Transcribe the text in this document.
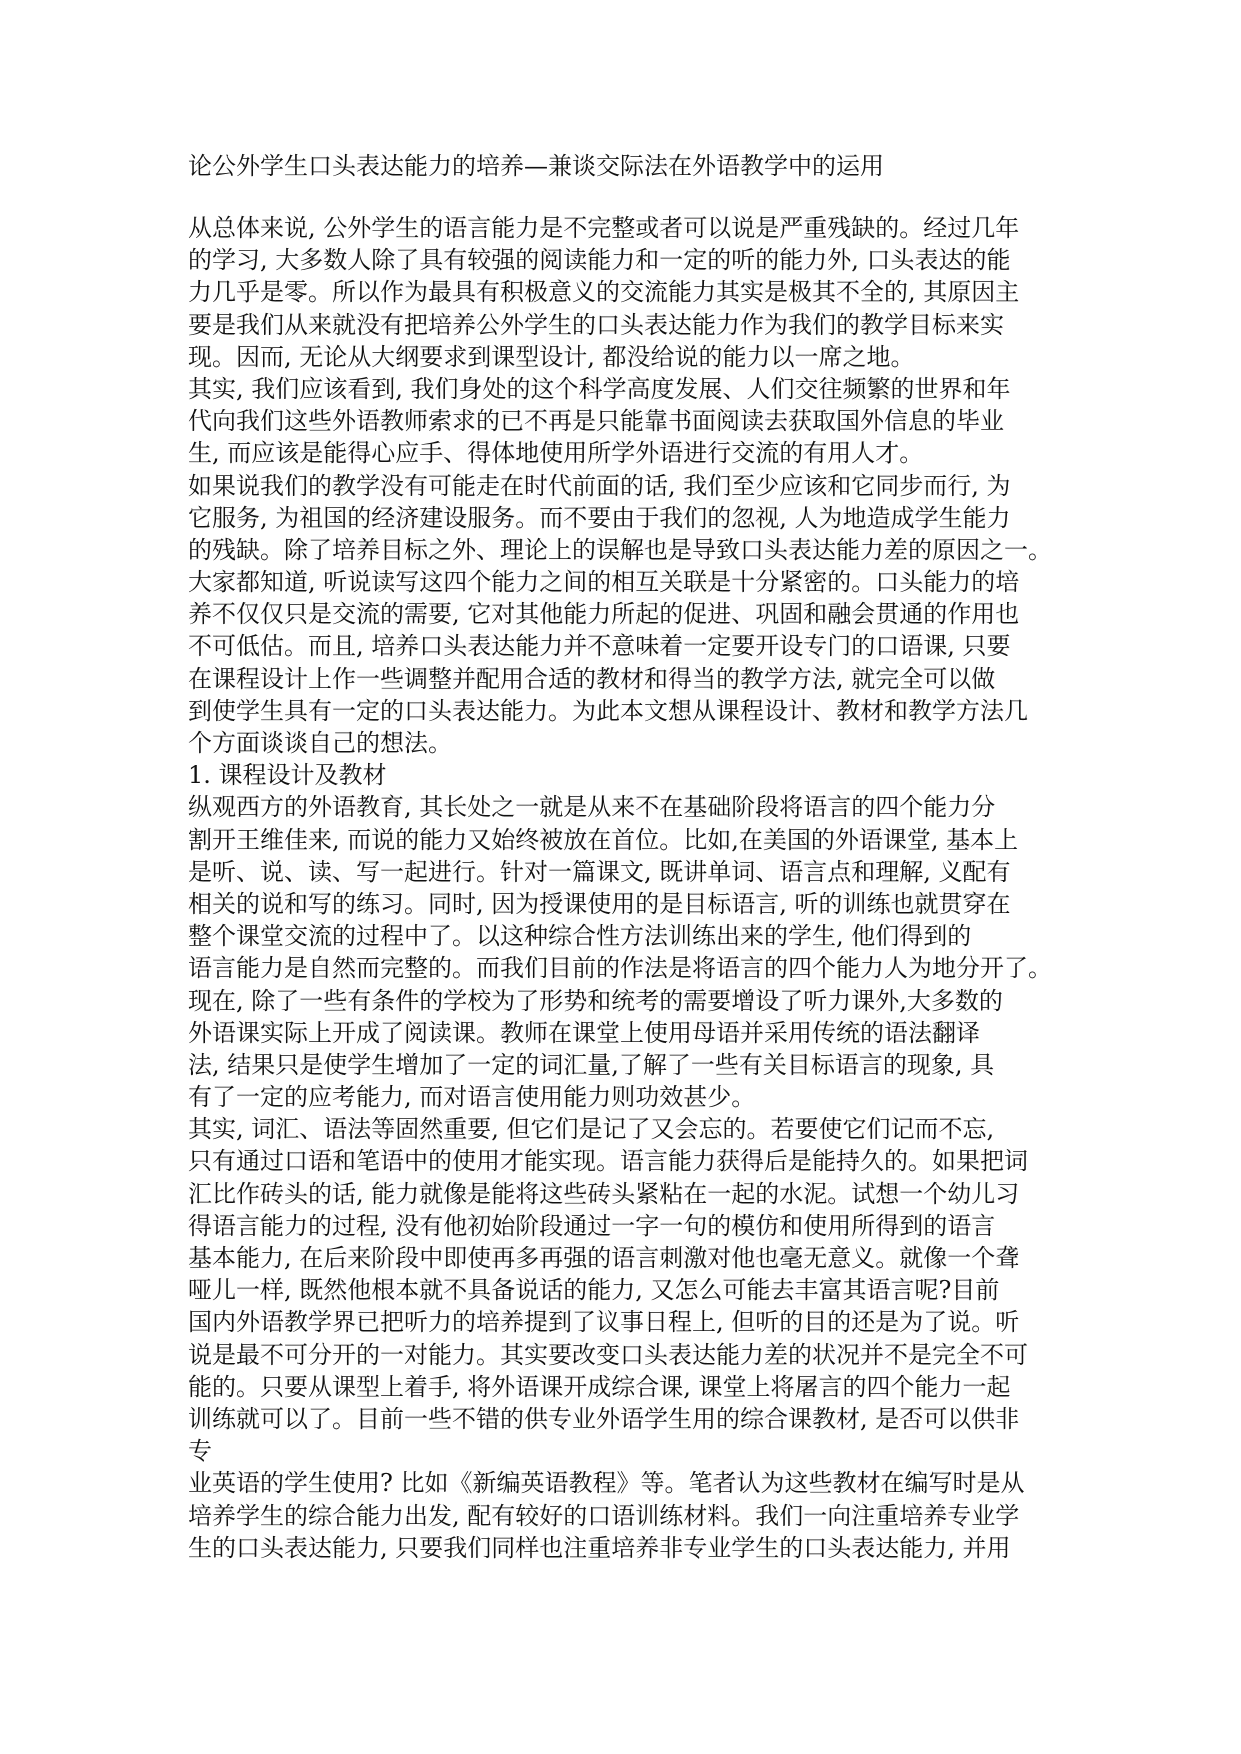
论公外学生口头表达能力的培养—兼谈交际法在外语教学中的运用
从总体来说, 公外学生的语言能力是不完整或者可以说是严重残缺的。经过几年
的学习, 大多数人除了具有较强的阅读能力和一定的听的能力外, 口头表达的能
力几乎是零。所以作为最具有积极意义的交流能力其实是极其不全的, 其原因主
要是我们从来就没有把培养公外学生的口头表达能力作为我们的教学目标来实
现。因而, 无论从大纲要求到课型设计, 都没给说的能力以一席之地。
其实, 我们应该看到, 我们身处的这个科学高度发展、人们交往频繁的世界和年
代向我们这些外语教师索求的已不再是只能靠书面阅读去获取国外信息的毕业
生, 而应该是能得心应手、得体地使用所学外语进行交流的有用人才。
如果说我们的教学没有可能走在时代前面的话, 我们至少应该和它同步而行, 为
它服务, 为祖国的经济建设服务。而不要由于我们的忽视, 人为地造成学生能力
的残缺。除了培养目标之外、理论上的误解也是导致口头表达能力差的原因之一。
大家都知道, 听说读写这四个能力之间的相互关联是十分紧密的。口头能力的培
养不仅仅只是交流的需要, 它对其他能力所起的促进、巩固和融会贯通的作用也
不可低估。而且, 培养口头表达能力并不意味着一定要开设专门的口语课, 只要
在课程设计上作一些调整并配用合适的教材和得当的教学方法, 就完全可以做
到使学生具有一定的口头表达能力。为此本文想从课程设计、教材和教学方法几
个方面谈谈自己的想法。
1. 课程设计及教材
纵观西方的外语教育, 其长处之一就是从来不在基础阶段将语言的四个能力分
割开王维佳来, 而说的能力又始终被放在首位。比如,在美国的外语课堂, 基本上
是听、说、读、写一起进行。针对一篇课文, 既讲单词、语言点和理解, 义配有
相关的说和写的练习。同时, 因为授课使用的是目标语言, 听的训练也就贯穿在
整个课堂交流的过程中了。以这种综合性方法训练出来的学生, 他们得到的
语言能力是自然而完整的。而我们目前的作法是将语言的四个能力人为地分开了。
现在, 除了一些有条件的学校为了形势和统考的需要增设了听力课外,大多数的
外语课实际上开成了阅读课。教师在课堂上使用母语并采用传统的语法翻译
法, 结果只是使学生增加了一定的词汇量,了解了一些有关目标语言的现象, 具
有了一定的应考能力, 而对语言使用能力则功效甚少。
其实, 词汇、语法等固然重要, 但它们是记了又会忘的。若要使它们记而不忘,
只有通过口语和笔语中的使用才能实现。语言能力获得后是能持久的。如果把词
汇比作砖头的话, 能力就像是能将这些砖头紧粘在一起的水泥。试想一个幼儿习
得语言能力的过程, 没有他初始阶段通过一字一句的模仿和使用所得到的语言
基本能力, 在后来阶段中即使再多再强的语言刺激对他也毫无意义。就像一个聋
哑儿一样, 既然他根本就不具备说话的能力, 又怎么可能去丰富其语言呢?目前
国内外语教学界已把听力的培养提到了议事日程上, 但听的目的还是为了说。听
说是最不可分开的一对能力。其实要改变口头表达能力差的状况并不是完全不可
能的。只要从课型上着手, 将外语课开成综合课, 课堂上将屠言的四个能力一起
训练就可以了。目前一些不错的供专业外语学生用的综合课教材, 是否可以供非
专
业英语的学生使用? 比如《新编英语教程》等。笔者认为这些教材在编写时是从
培养学生的综合能力出发, 配有较好的口语训练材料。我们一向注重培养专业学
生的口头表达能力, 只要我们同样也注重培养非专业学生的口头表达能力, 并用
